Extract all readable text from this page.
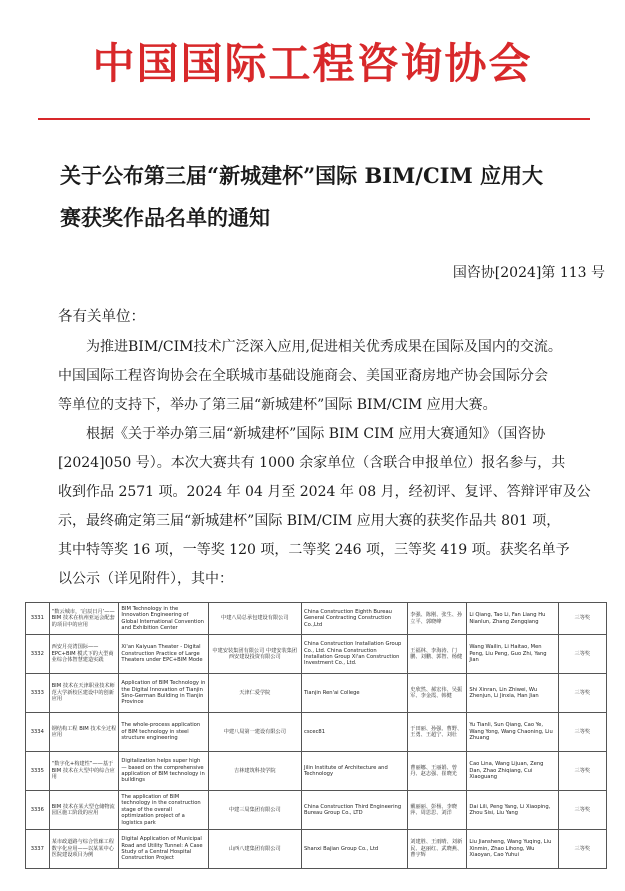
中国国际工程咨询协会
关于公布第三届“新城建杯”国际 BIM/CIM 应用大
赛获奖作品名单的通知
国咨协[2024]第 113 号
各有关单位：

为推进BIM/CIM技术广泛深入应用,促进相关优秀成果在国际及国内的交流。

中国国际工程咨询协会在全联城市基础设施商会、美国亚裔房地产协会国际分会

等单位的支持下，举办了第三届“新城建杯”国际 BIM/CIM 应用大赛。

根据《关于举办第三届“新城建杯”国际 BIM CIM 应用大赛通知》（国咨协

[2024]050 号）。本次大赛共有 1000 余家单位（含联合申报单位）报名参与，共

收到作品 2571 项。2024 年 04 月至 2024 年 08 月，经初评、复评、答辩评审及公

示，最终确定第三届“新城建杯”国际 BIM/CIM 应用大赛的获奖作品共 801 项，

其中特等奖 16 项，一等奖 120 项，二等奖 246 项，三等奖 419 项。获奖名单予

以公示（详见附件），其中：

3331	“数云城市，‘启辰日月’——BIM 技术在杭州亚运会配套的项目中的应用	BIM Technology in the Innovation Engineering of Global International Convention and Exhibition Center	中建八局总承包建设有限公司	China Construction Eighth Bureau General Contracting Construction Co.,Ltd	李强、陈刚、张生、孙立平、郭晓峰	Li Qiang, Tao Li, Fan Liang Hu Nianlun, Zhang Zengqiang	三等奖
3332	西安月亮湾国际——EPC+BIM 模式下的大型商业综合体智慧建造实践	Xi'an Kaiyuan Theater - Digital Construction Practice of Large Theaters under EPC+BIM Mode	中建安装集团有限公司 中建安装集团西安建设投资有限公司	China Construction Installation Group Co., Ltd. China Construction Installation Group Xi'an Construction Investment Co., Ltd.	王福林、李海涛、门鹏、刘鹏、郭智、杨健	Wang Wailin, Li Haitao, Men Peng, Liu Peng, Guo Zhi, Yang Jian	三等奖
3333	BIM 技术在天津职业技术师范大学新校区建设中的创新应用	Application of BIM Technology in the Digital Innovation of Tianjin Sino-German Building in Tianjin Province	天津仁爱学院	Tianjin Ren'ai College	史欣然、郝宏伟、吴振军、李金霞、韩健	Shi Xinran, Lin Zhiwei, Wu Zhenjun, Li Jinxia, Han Jian	三等奖
3334	钢结构工程 BIM 技术全过程应用	The whole-process application of BIM technology in steel structure engineering	中建八局第一建设有限公司	cscec81	于田丽、孙强、曹野、王勇、王超宁、刘壮	Yu Tianli, Sun Qiang, Cao Ye, Wang Yong, Wang Chaoning, Liu Zhuang	三等奖
3335	“数字化+构建性”——基于 BIM 技术在大型中的综合应用	Digitalization helps super high — based on the comprehensive application of BIM technology in buildings	吉林建筑科技学院	Jilin Institute of Architecture and Technology	曹丽娜、王丽娟、曾丹、赵志强、崔晓光	Cao Lina, Wang Lijuan, Zeng Dan, Zhao Zhiqiang, Cui Xiaoguang	三等奖
3336	BIM 技术在某大型仓储物流园区施工阶段的应用	The application of BIM technology in the construction stage of the overall optimization project of a logistics park	中建三局集团有限公司	China Construction Third Engineering Bureau Group Co., LTD	戴丽丽、彭杨、李晓萍、周思思、刘洋	Dai Lili, Peng Yang, Li Xiaoping, Zhou Sisi, Liu Yang	三等奖
3337	某市政道路与综合管廊工程数字化应用——以某某中心医院建设项目为例	Digital Application of Municipal Road and Utility Tunnel: A Case Study of a Central Hospital Construction Project	山西八建集团有限公司	Shanxi Bajian Group Co., Ltd	刘建胜、王雨晴、刘新民、赵丽红、武晓燕、曹宇辉	Liu Jiansheng, Wang Yuqing, Liu Xinmin, Zhao Lihong, Wu Xiaoyan, Cao Yuhui	三等奖
